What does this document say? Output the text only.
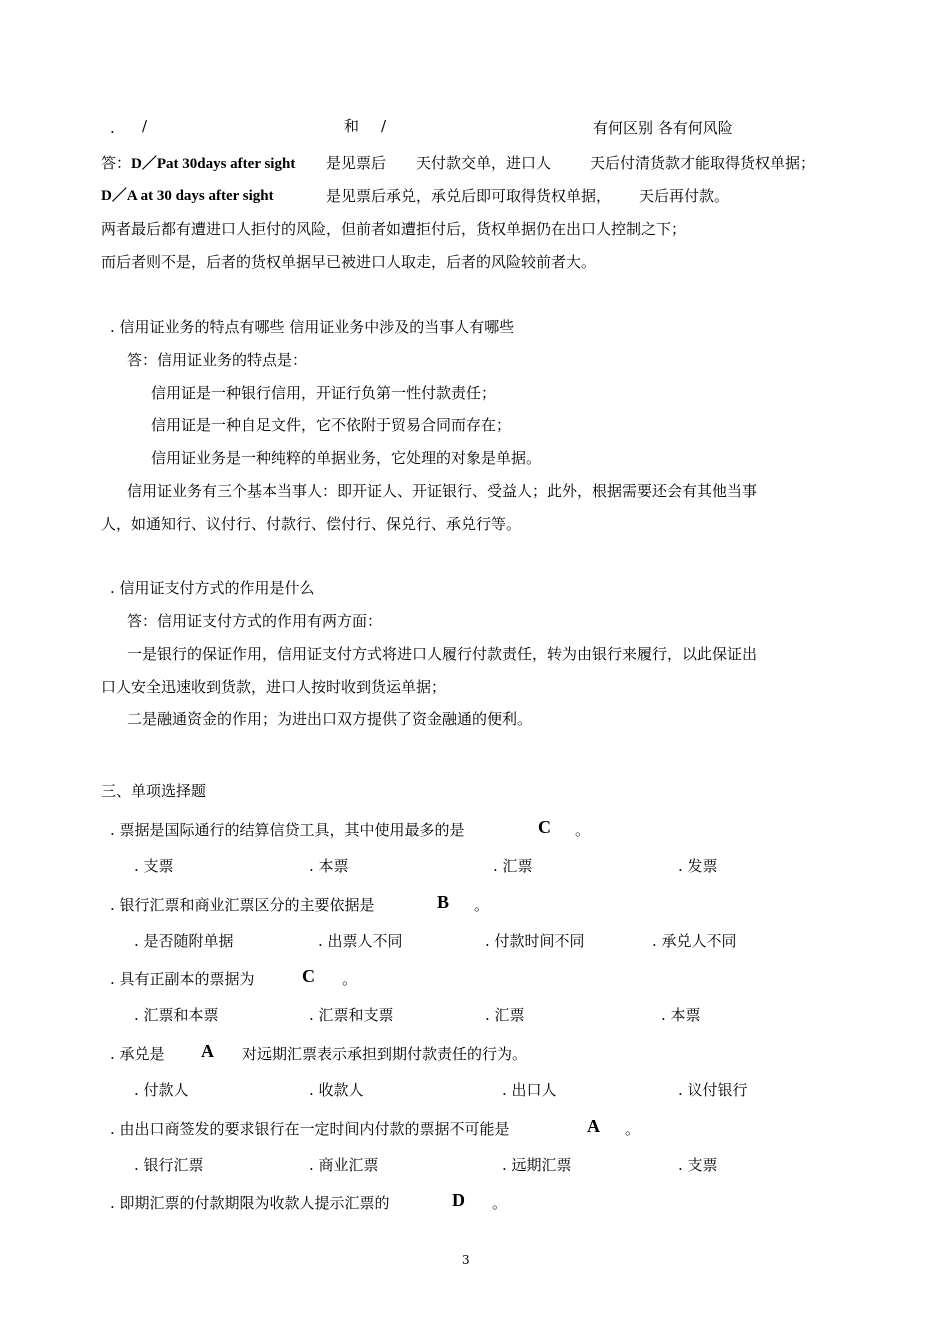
. /	和 /	有何区别 各有何风险
答：D／Pat 30days after sight 是见票后 天付款交单，进口人	天后付清货款才能取得货权单据；
D／A at 30 days after sight	是见票后承兑，承兑后即可取得货权单据， 天后再付款。
两者最后都有遭进口人拒付的风险，但前者如遭拒付后，货权单据仍在出口人控制之下；
而后者则不是，后者的货权单据早已被进口人取走，后者的风险较前者大。
. 信用证业务的特点有哪些 信用证业务中涉及的当事人有哪些
答：信用证业务的特点是：
信用证是一种银行信用，开证行负第一性付款责任；
信用证是一种自足文件，它不依附于贸易合同而存在；
信用证业务是一种纯粹的单据业务，它处理的对象是单据。
信用证业务有三个基本当事人：即开证人、开证银行、受益人；此外，根据需要还会有其他当事
人，如通知行、议付行、付款行、偿付行、保兑行、承兑行等。
. 信用证支付方式的作用是什么
答：信用证支付方式的作用有两方面：
一是银行的保证作用，信用证支付方式将进口人履行付款责任，转为由银行来履行，以此保证出
口人安全迅速收到货款，进口人按时收到货运单据；
二是融通资金的作用；为进出口双方提供了资金融通的便利。
三、单项选择题
. 票据是国际通行的结算信贷工具，其中使用最多的是	C 。
. 支票	. 本票	. 汇票	. 发票
. 银行汇票和商业汇票区分的主要依据是	B 。
. 是否随附单据	. 出票人不同	. 付款时间不同	. 承兑人不同
. 具有正副本的票据为	C 。
. 汇票和本票	. 汇票和支票	. 汇票	. 本票
. 承兑是 A 对远期汇票表示承担到期付款责任的行为。
. 付款人	. 收款人	. 出口人	. 议付银行
. 由出口商签发的要求银行在一定时间内付款的票据不可能是	A 。
. 银行汇票	. 商业汇票	. 远期汇票	. 支票
. 即期汇票的付款期限为收款人提示汇票的	D 。
3
